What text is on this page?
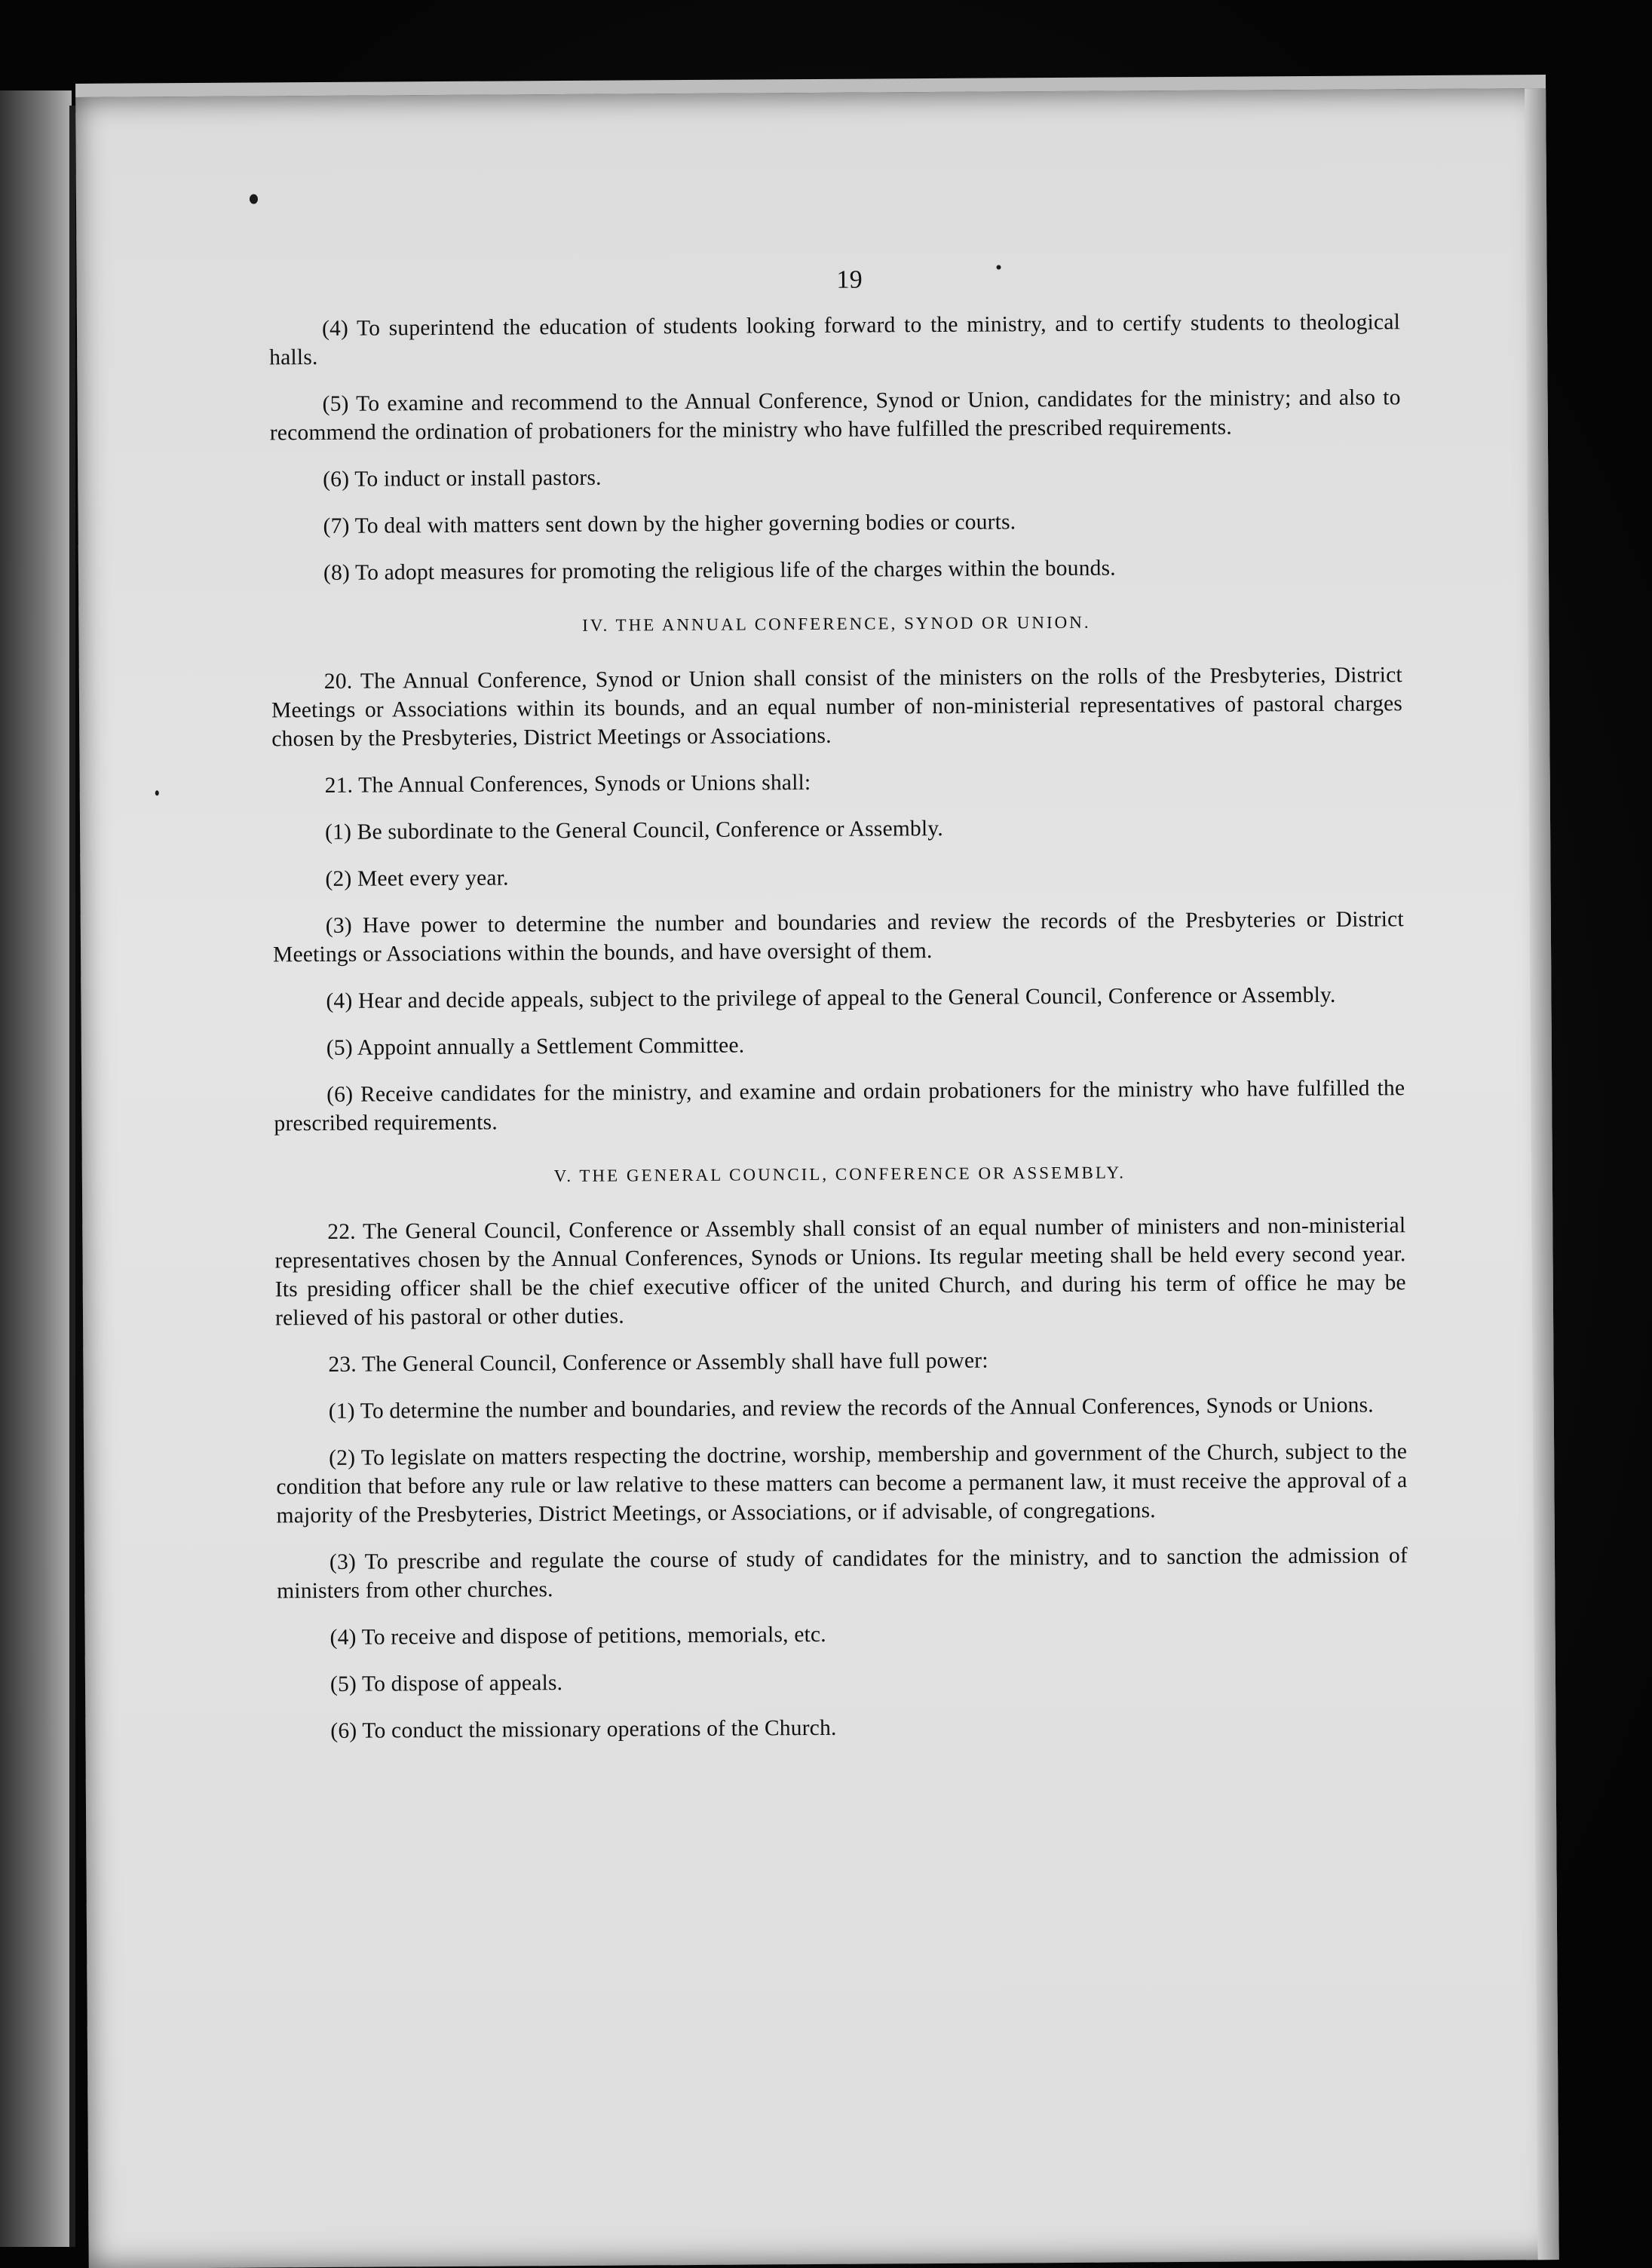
19

(4) To superintend the education of students looking forward to the ministry, and to certify students to theological halls.

(5) To examine and recommend to the Annual Conference, Synod or Union, candidates for the ministry; and also to recommend the ordination of probationers for the ministry who have fulfilled the prescribed requirements.

(6) To induct or install pastors.

(7) To deal with matters sent down by the higher governing bodies or courts.

(8) To adopt measures for promoting the religious life of the charges within the bounds.

IV. THE ANNUAL CONFERENCE, SYNOD OR UNION.

20. The Annual Conference, Synod or Union shall consist of the ministers on the rolls of the Presbyteries, District Meetings or Associations within its bounds, and an equal number of non-ministerial representatives of pastoral charges chosen by the Presbyteries, District Meetings or Associations.

21. The Annual Conferences, Synods or Unions shall:

(1) Be subordinate to the General Council, Conference or Assembly.

(2) Meet every year.

(3) Have power to determine the number and boundaries and review the records of the Presbyteries or District Meetings or Associations within the bounds, and have oversight of them.

(4) Hear and decide appeals, subject to the privilege of appeal to the General Council, Conference or Assembly.

(5) Appoint annually a Settlement Committee.

(6) Receive candidates for the ministry, and examine and ordain probationers for the ministry who have fulfilled the prescribed requirements.

V. THE GENERAL COUNCIL, CONFERENCE OR ASSEMBLY.

22. The General Council, Conference or Assembly shall consist of an equal number of ministers and non-ministerial representatives chosen by the Annual Conferences, Synods or Unions. Its regular meeting shall be held every second year. Its presiding officer shall be the chief executive officer of the united Church, and during his term of office he may be relieved of his pastoral or other duties.

23. The General Council, Conference or Assembly shall have full power:

(1) To determine the number and boundaries, and review the records of the Annual Conferences, Synods or Unions.

(2) To legislate on matters respecting the doctrine, worship, membership and government of the Church, subject to the condition that before any rule or law relative to these matters can become a permanent law, it must receive the approval of a majority of the Presbyteries, District Meetings, or Associations, or if advisable, of congregations.

(3) To prescribe and regulate the course of study of candidates for the ministry, and to sanction the admission of ministers from other churches.

(4) To receive and dispose of petitions, memorials, etc.

(5) To dispose of appeals.

(6) To conduct the missionary operations of the Church.
